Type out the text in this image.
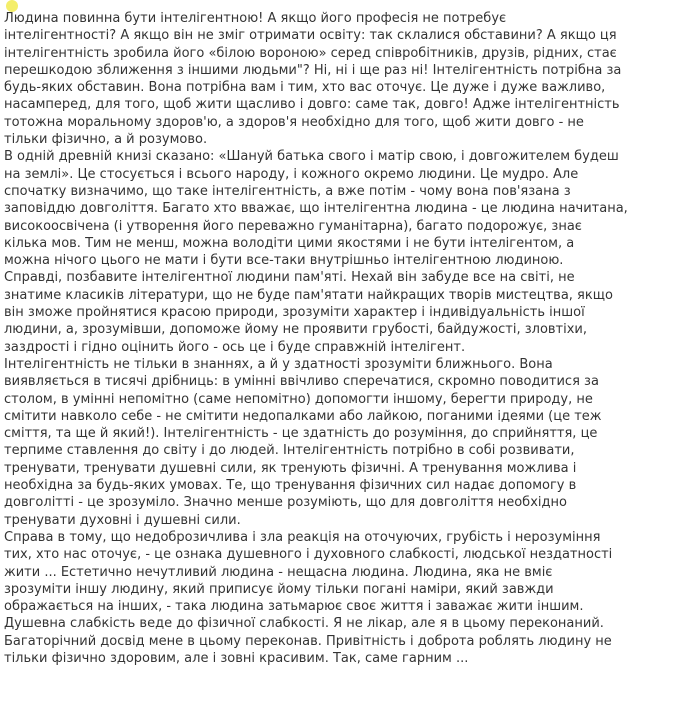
Людина повинна бути інтелігентною! А якщо його професія не потребує

інтелігентності? А якщо він не зміг отримати освіту: так склалися обставини? А якщо ця

інтелігентність зробила його «білою вороною» серед співробітників, друзів, рідних, стає

перешкодою зближення з іншими людьми"? Ні, ні і ще раз ні! Інтелігентність потрібна за

будь-яких обставин. Вона потрібна вам і тим, хто вас оточує. Це дуже і дуже важливо,

насамперед, для того, щоб жити щасливо і довго: саме так, довго! Адже інтелігентність

тотожна моральному здоров'ю, а здоров'я необхідно для того, щоб жити довго - не

тільки фізично, а й розумово.

В одній древній книзі сказано: «Шануй батька свого і матір свою, і довгожителем будеш

на землі». Це стосується і всього народу, і кожного окремо людини. Це мудро. Але

спочатку визначимо, що таке інтелігентність, а вже потім - чому вона пов'язана з

заповіддю довголіття. Багато хто вважає, що інтелігентна людина - це людина начитана,

високоосвічена (і утворення його переважно гуманітарна), багато подорожує, знає

кілька мов. Тим не менш, можна володіти цими якостями і не бути інтелігентом, а

можна нічого цього не мати і бути все-таки внутрішньо інтелігентною людиною.

Справді, позбавите інтелігентної людини пам'яті. Нехай він забуде все на світі, не

знатиме класиків літератури, що не буде пам'ятати найкращих творів мистецтва, якщо

він зможе пройнятися красою природи, зрозуміти характер і індивідуальність іншої

людини, а, зрозумівши, допоможе йому не проявити грубості, байдужості, зловтіхи,

заздрості і гідно оцінить його - ось це і буде справжній інтелігент.

Інтелігентність не тільки в знаннях, а й у здатності зрозуміти ближнього. Вона

виявляється в тисячі дрібниць: в умінні ввічливо сперечатися, скромно поводитися за

столом, в умінні непомітно (саме непомітно) допомогти іншому, берегти природу, не

смітити навколо себе - не смітити недопалками або лайкою, поганими ідеями (це теж

сміття, та ще й який!). Інтелігентність - це здатність до розуміння, до сприйняття, це

терпиме ставлення до світу і до людей. Інтелігентність потрібно в собі розвивати,

тренувати, тренувати душевні сили, як тренують фізичні. А тренування можлива і

необхідна за будь-яких умовах. Те, що тренування фізичних сил надає допомогу в

довголітті - це зрозуміло. Значно менше розуміють, що для довголіття необхідно

тренувати духовні і душевні сили.

Справа в тому, що недоброзичлива і зла реакція на оточуючих, грубість і нерозуміння

тих, хто нас оточує, - це ознака душевного і духовного слабкості, людської нездатності

жити ... Естетично нечутливий людина - нещасна людина. Людина, яка не вміє

зрозуміти іншу людину, який приписує йому тільки погані наміри, який завжди

ображається на інших, - така людина затьмарює своє життя і заважає жити іншим.

Душевна слабкість веде до фізичної слабкості. Я не лікар, але я в цьому переконаний.

Багаторічний досвід мене в цьому переконав. Привітність і доброта роблять людину не

тільки фізично здоровим, але і зовні красивим. Так, саме гарним ...
